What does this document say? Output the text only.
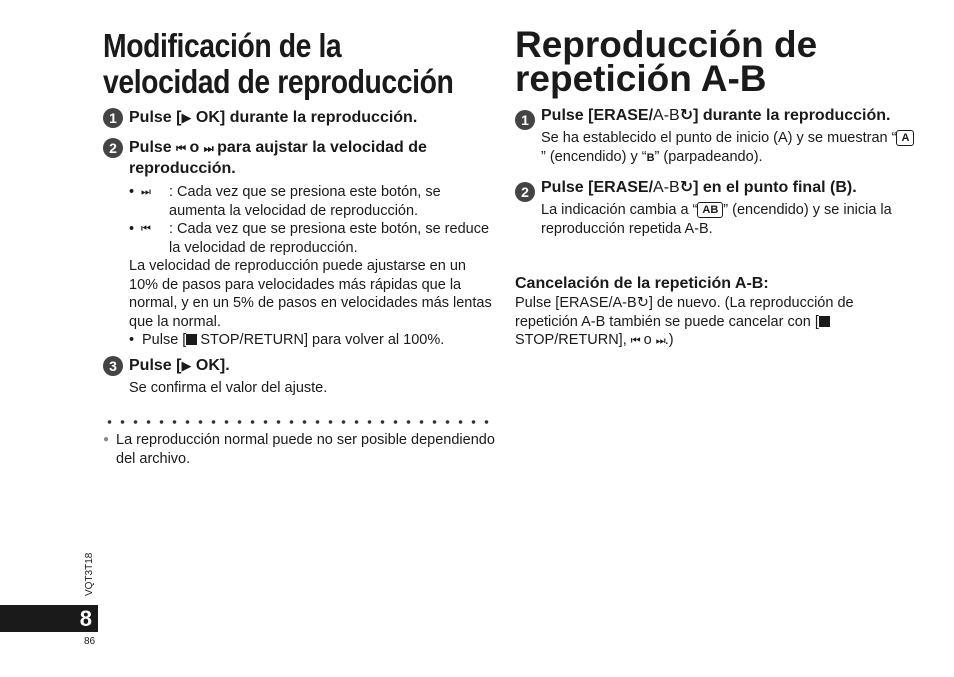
Modificación de la
velocidad de reproducción
1 Pulse [▶ OK] durante la reproducción.
2 Pulse ⏮ o ⏭ para aujstar la velocidad de reproducción.
• ⏭ : Cada vez que se presiona este botón, se aumenta la velocidad de reproducción.
• ⏮ : Cada vez que se presiona este botón, se reduce la velocidad de reproducción.
La velocidad de reproducción puede ajustarse en un 10% de pasos para velocidades más rápidas que la normal, y en un 5% de pasos en velocidades más lentas que la normal.
• Pulse [ STOP/RETURN] para volver al 100%.
3 Pulse [▶ OK].
Se confirma el valor del ajuste.
● La reproducción normal puede no ser posible dependiendo del archivo.
Reproducción de
repetición A-B
1 Pulse [ERASE/A-B↻] durante la reproducción.
Se ha establecido el punto de inicio (A) y se muestran “ A” (encendido) y “B” (parpadeando).
2 Pulse [ERASE/A-B↻] en el punto final (B).
La indicación cambia a “ AB ” (encendido) y se inicia la reproducción repetida A-B.
Cancelación de la repetición A-B:
Pulse [ERASE/A-B↻] de nuevo. (La reproducción de repetición A-B también se puede cancelar con [STOP/RETURN], ⏮ o ⏭.)
VQT3T18
8
86
